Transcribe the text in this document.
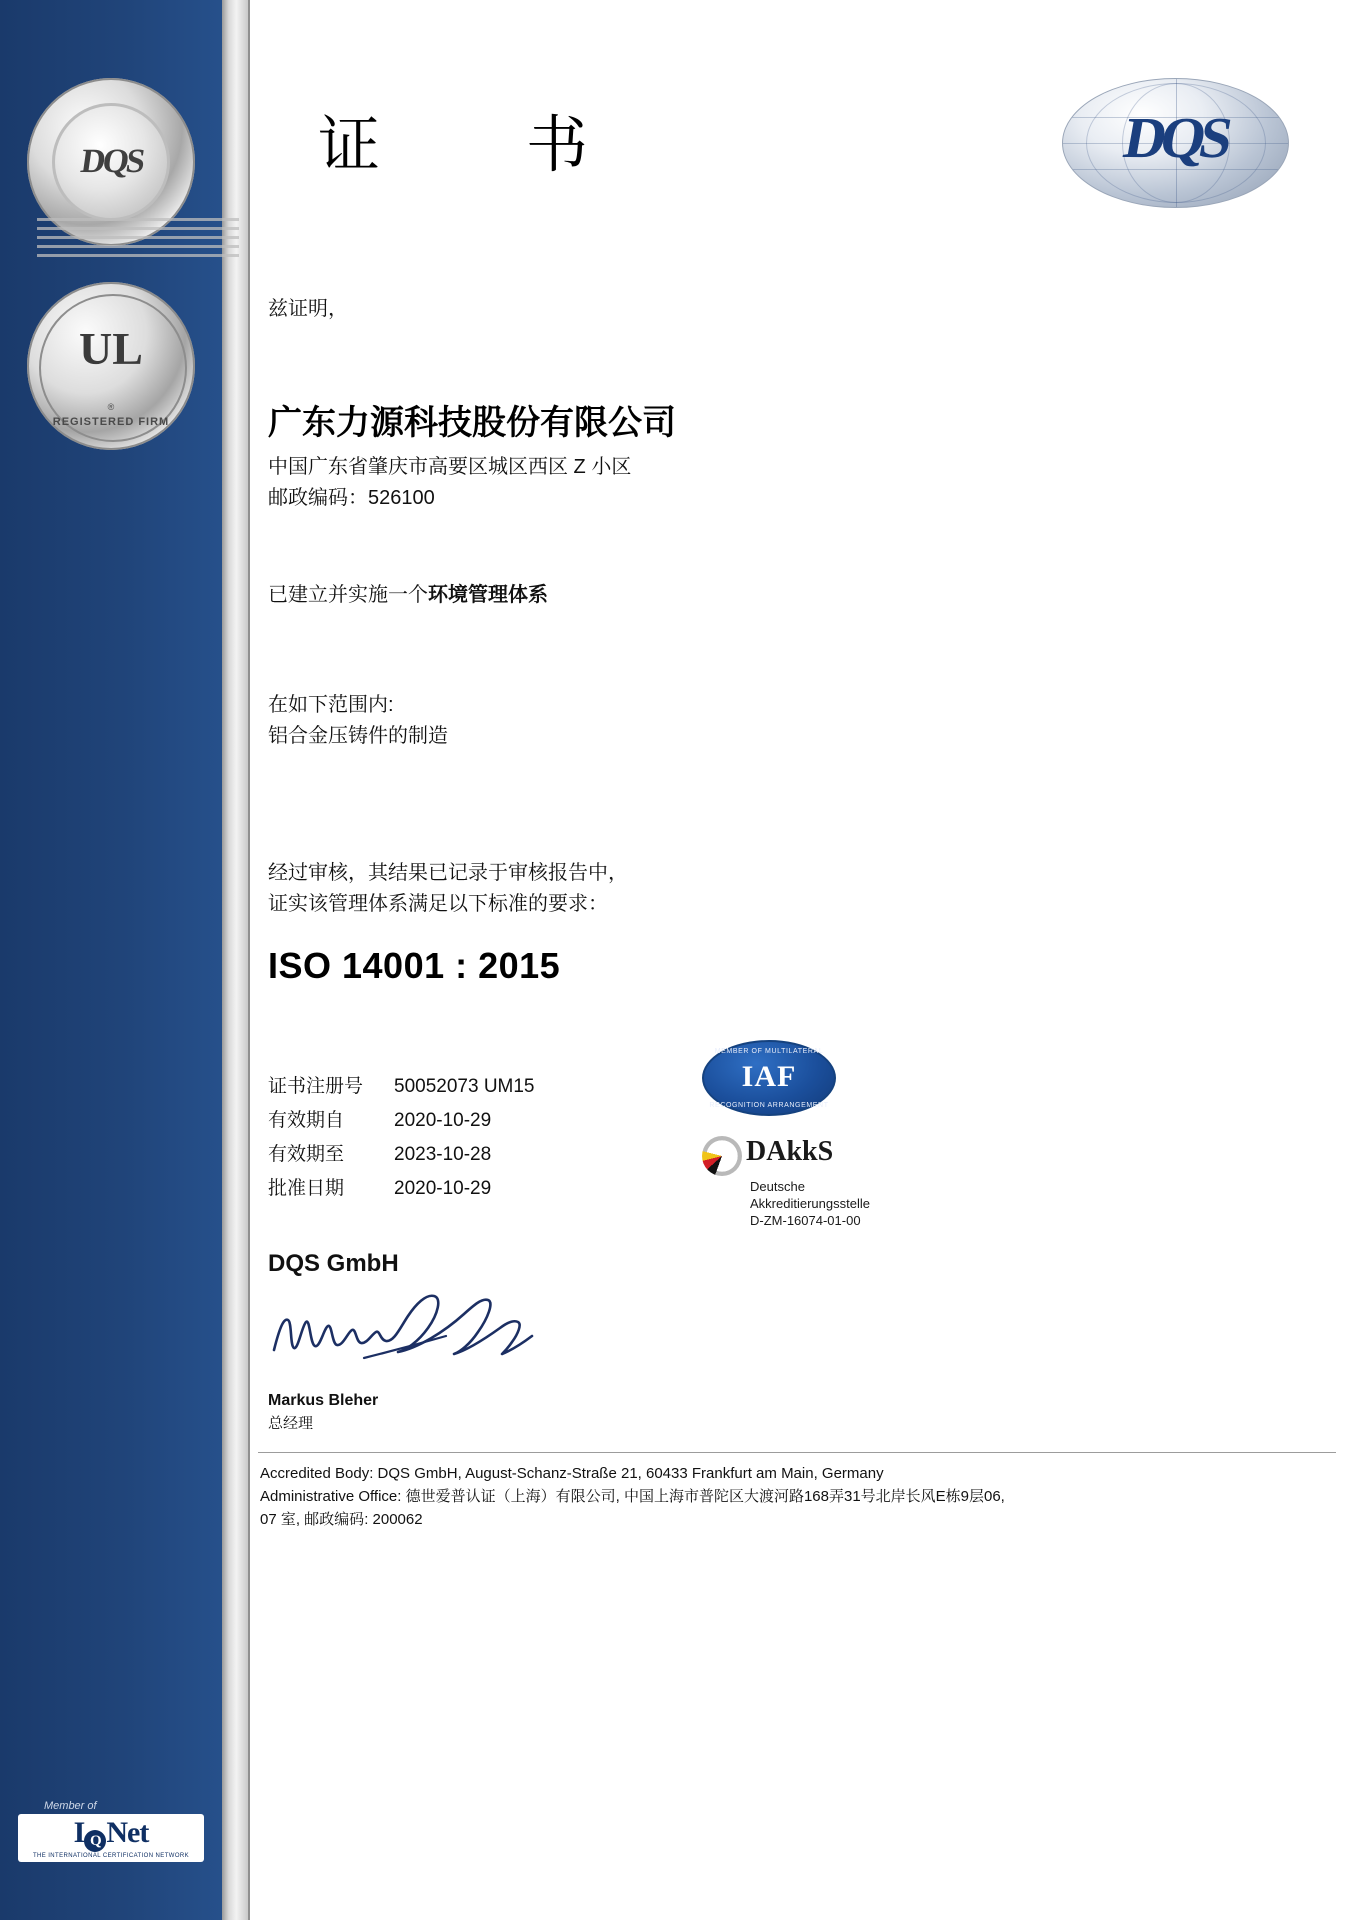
DQS
UL
®
REGISTERED FIRM
Member of
I Q Net
THE INTERNATIONAL CERTIFICATION NETWORK
证　书	DQS
兹证明，
广东力源科技股份有限公司
中国广东省肇庆市高要区城区西区 Z 小区
邮政编码：526100
已建立并实施一个环境管理体系
在如下范围内:
铝合金压铸件的制造
经过审核，其结果已记录于审核报告中，
证实该管理体系满足以下标准的要求：
ISO 14001 : 2015
证书注册号	50052073 UM15
有效期自	2020-10-29
有效期至	2023-10-28
批准日期	2020-10-29
MEMBER OF MULTILATERAL
IAF
RECOGNITION ARRANGEMENT
DAkkS
Deutsche
Akkreditierungsstelle
D-ZM-16074-01-00
DQS GmbH
Markus Bleher
总经理
Accredited Body: DQS GmbH, August-Schanz-Straße 21, 60433 Frankfurt am Main, Germany
Administrative Office: 德世爱普认证（上海）有限公司, 中国上海市普陀区大渡河路168弄31号北岸长风E栋9层06,
07 室, 邮政编码: 200062
